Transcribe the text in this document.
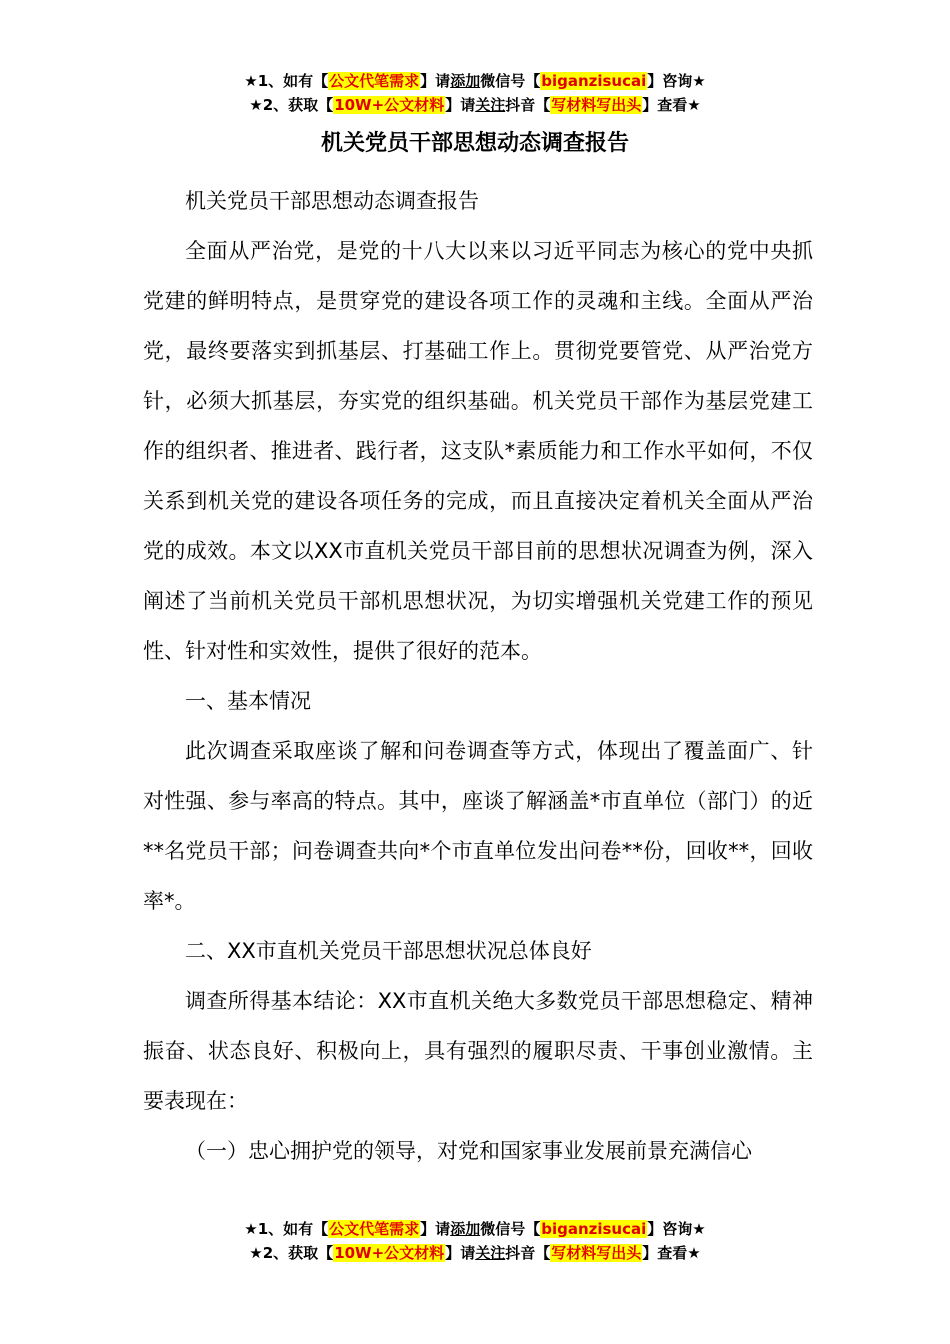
★1、如有【公文代笔需求】请添加微信号【biganzisucai】咨询★
★2、获取【10W+公文材料】请关注抖音【写材料写出头】查看★
机关党员干部思想动态调查报告

机关党员干部思想动态调查报告

全面从严治党，是党的十八大以来以习近平同志为核心的党中央抓党建的鲜明特点，是贯穿党的建设各项工作的灵魂和主线。全面从严治党，最终要落实到抓基层、打基础工作上。贯彻党要管党、从严治党方针，必须大抓基层，夯实党的组织基础。机关党员干部作为基层党建工作的组织者、推进者、践行者，这支队*素质能力和工作水平如何，不仅关系到机关党的建设各项任务的完成，而且直接决定着机关全面从严治党的成效。本文以XX市直机关党员干部目前的思想状况调查为例，深入阐述了当前机关党员干部机思想状况，为切实增强机关党建工作的预见性、针对性和实效性，提供了很好的范本。

一、基本情况

此次调查采取座谈了解和问卷调查等方式，体现出了覆盖面广、针对性强、参与率高的特点。其中，座谈了解涵盖*市直单位（部门）的近**名党员干部；问卷调查共向*个市直单位发出问卷**份，回收**，回收率*。

二、XX市直机关党员干部思想状况总体良好

调查所得基本结论：XX市直机关绝大多数党员干部思想稳定、精神振奋、状态良好、积极向上，具有强烈的履职尽责、干事创业激情。主要表现在：

（一）忠心拥护党的领导，对党和国家事业发展前景充满信心

★1、如有【公文代笔需求】请添加微信号【biganzisucai】咨询★
★2、获取【10W+公文材料】请关注抖音【写材料写出头】查看★
